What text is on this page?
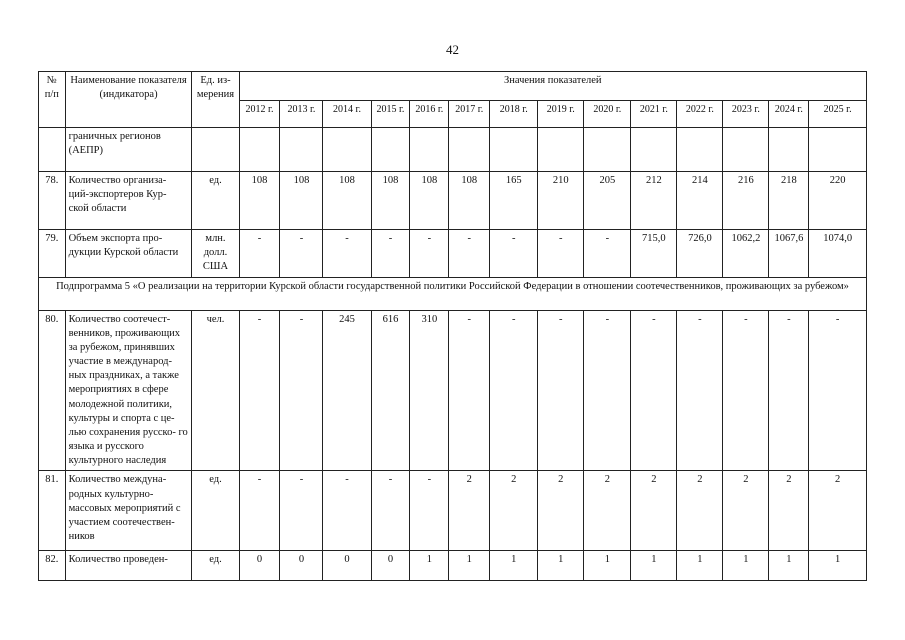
42
№ п/п	Наименование показателя (индикатора)	Ед. из- мерения	Значения показателей													
			2012 г.	2013 г.	2014 г.	2015 г.	2016 г.	2017 г.	2018 г.	2019 г.	2020 г.	2021 г.	2022 г.	2023 г.	2024 г.	2025 г.
	граничных регионов (АЕПР)															
78.	Количество организа- ций-экспортеров Кур- ской области	ед.	108	108	108	108	108	108	165	210	205	212	214	216	218	220
79.	Объем экспорта про- дукции Курской области	млн. долл. США	-	-	-	-	-	-	-	-	-	715,0	726,0	1062,2	1067,6	1074,0
Подпрограмма 5 «О реализации на территории Курской области государственной политики Российской Федерации в отношении соотечественников, проживающих за рубежом»																
80.	Количество соотечест- венников, проживающих за рубежом, принявших участие в международ- ных праздниках, а также мероприятиях в сфере молодежной политики, культуры и спорта с це- лью сохранения русско- го языка и русского культурного наследия	чел.	-	-	245	616	310	-	-	-	-	-	-	-	-	-
81.	Количество междуна- родных культурно- массовых мероприятий с участием соотечествен- ников	ед.	-	-	-	-	-	2	2	2	2	2	2	2	2	2
82.	Количество проведен-	ед.	0	0	0	0	1	1	1	1	1	1	1	1	1	1
